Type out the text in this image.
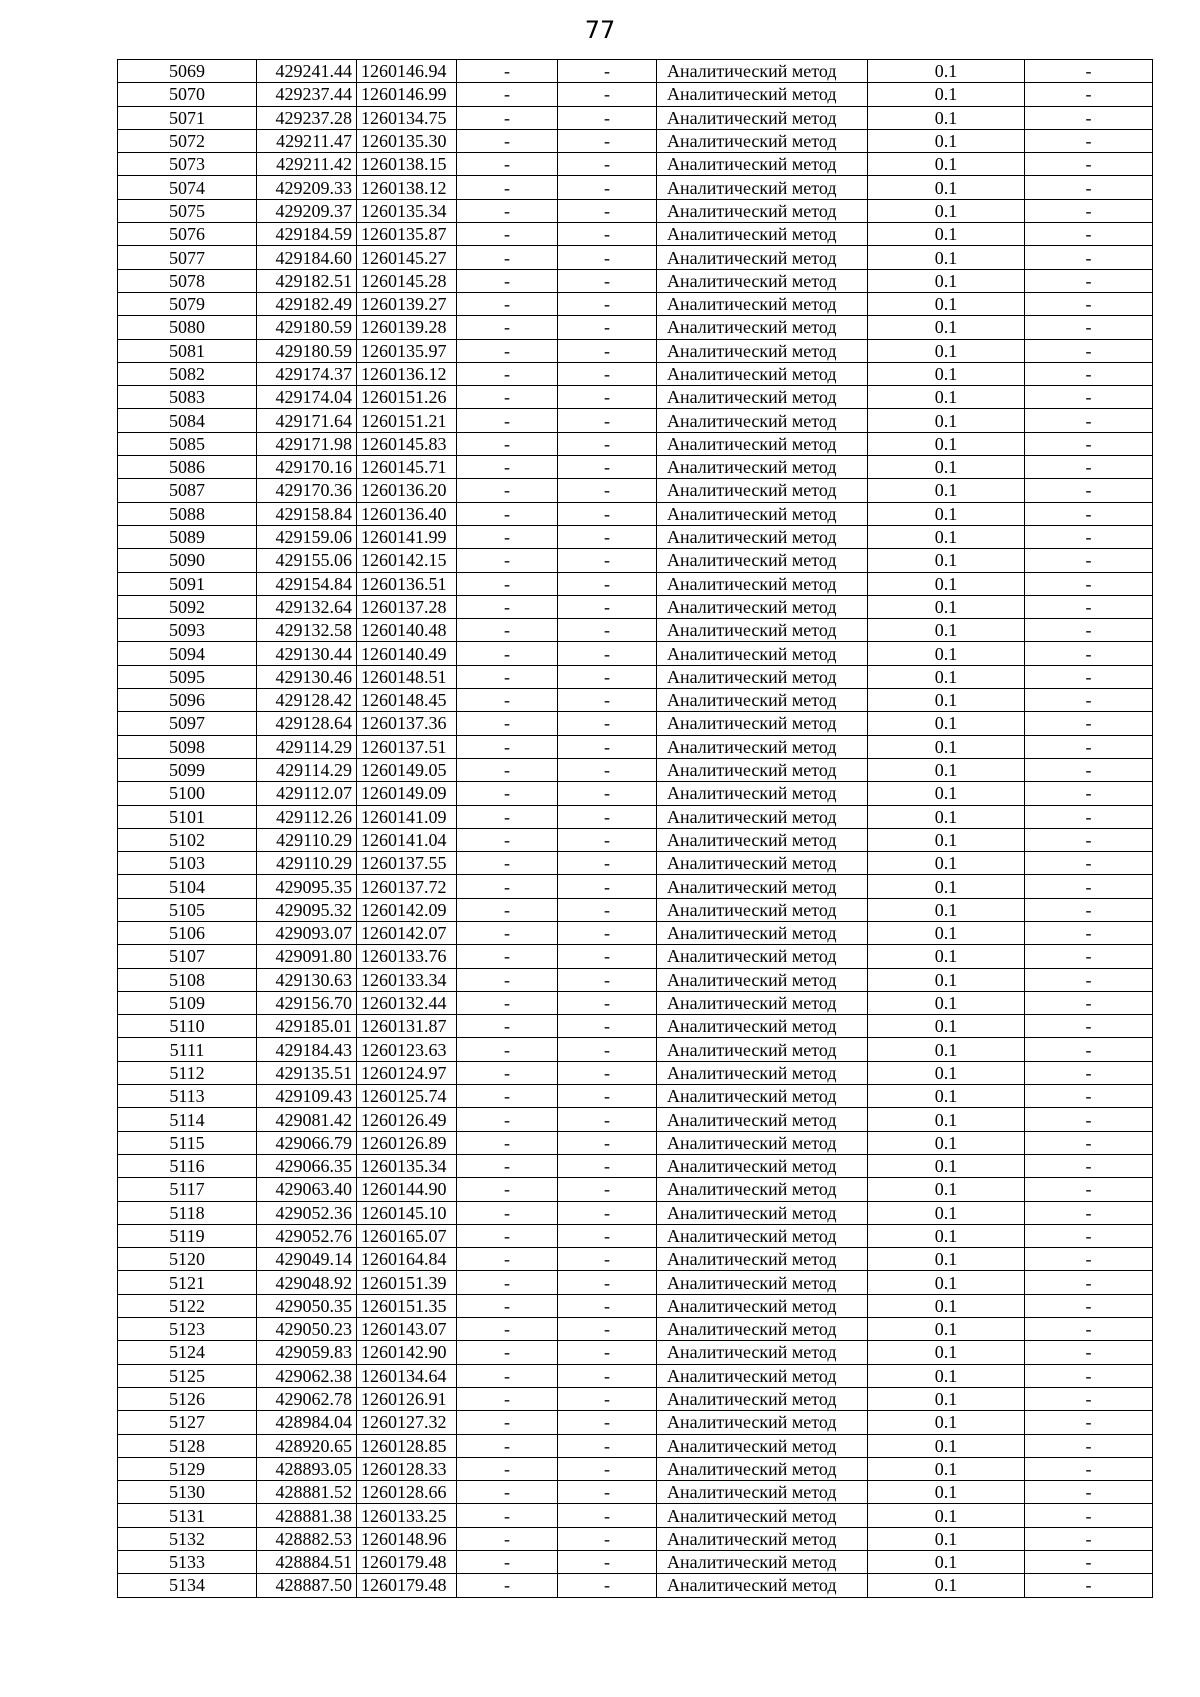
77
5069	429241.44	1260146.94	-	-	Аналитический метод	0.1	-
5070	429237.44	1260146.99	-	-	Аналитический метод	0.1	-
5071	429237.28	1260134.75	-	-	Аналитический метод	0.1	-
5072	429211.47	1260135.30	-	-	Аналитический метод	0.1	-
5073	429211.42	1260138.15	-	-	Аналитический метод	0.1	-
5074	429209.33	1260138.12	-	-	Аналитический метод	0.1	-
5075	429209.37	1260135.34	-	-	Аналитический метод	0.1	-
5076	429184.59	1260135.87	-	-	Аналитический метод	0.1	-
5077	429184.60	1260145.27	-	-	Аналитический метод	0.1	-
5078	429182.51	1260145.28	-	-	Аналитический метод	0.1	-
5079	429182.49	1260139.27	-	-	Аналитический метод	0.1	-
5080	429180.59	1260139.28	-	-	Аналитический метод	0.1	-
5081	429180.59	1260135.97	-	-	Аналитический метод	0.1	-
5082	429174.37	1260136.12	-	-	Аналитический метод	0.1	-
5083	429174.04	1260151.26	-	-	Аналитический метод	0.1	-
5084	429171.64	1260151.21	-	-	Аналитический метод	0.1	-
5085	429171.98	1260145.83	-	-	Аналитический метод	0.1	-
5086	429170.16	1260145.71	-	-	Аналитический метод	0.1	-
5087	429170.36	1260136.20	-	-	Аналитический метод	0.1	-
5088	429158.84	1260136.40	-	-	Аналитический метод	0.1	-
5089	429159.06	1260141.99	-	-	Аналитический метод	0.1	-
5090	429155.06	1260142.15	-	-	Аналитический метод	0.1	-
5091	429154.84	1260136.51	-	-	Аналитический метод	0.1	-
5092	429132.64	1260137.28	-	-	Аналитический метод	0.1	-
5093	429132.58	1260140.48	-	-	Аналитический метод	0.1	-
5094	429130.44	1260140.49	-	-	Аналитический метод	0.1	-
5095	429130.46	1260148.51	-	-	Аналитический метод	0.1	-
5096	429128.42	1260148.45	-	-	Аналитический метод	0.1	-
5097	429128.64	1260137.36	-	-	Аналитический метод	0.1	-
5098	429114.29	1260137.51	-	-	Аналитический метод	0.1	-
5099	429114.29	1260149.05	-	-	Аналитический метод	0.1	-
5100	429112.07	1260149.09	-	-	Аналитический метод	0.1	-
5101	429112.26	1260141.09	-	-	Аналитический метод	0.1	-
5102	429110.29	1260141.04	-	-	Аналитический метод	0.1	-
5103	429110.29	1260137.55	-	-	Аналитический метод	0.1	-
5104	429095.35	1260137.72	-	-	Аналитический метод	0.1	-
5105	429095.32	1260142.09	-	-	Аналитический метод	0.1	-
5106	429093.07	1260142.07	-	-	Аналитический метод	0.1	-
5107	429091.80	1260133.76	-	-	Аналитический метод	0.1	-
5108	429130.63	1260133.34	-	-	Аналитический метод	0.1	-
5109	429156.70	1260132.44	-	-	Аналитический метод	0.1	-
5110	429185.01	1260131.87	-	-	Аналитический метод	0.1	-
5111	429184.43	1260123.63	-	-	Аналитический метод	0.1	-
5112	429135.51	1260124.97	-	-	Аналитический метод	0.1	-
5113	429109.43	1260125.74	-	-	Аналитический метод	0.1	-
5114	429081.42	1260126.49	-	-	Аналитический метод	0.1	-
5115	429066.79	1260126.89	-	-	Аналитический метод	0.1	-
5116	429066.35	1260135.34	-	-	Аналитический метод	0.1	-
5117	429063.40	1260144.90	-	-	Аналитический метод	0.1	-
5118	429052.36	1260145.10	-	-	Аналитический метод	0.1	-
5119	429052.76	1260165.07	-	-	Аналитический метод	0.1	-
5120	429049.14	1260164.84	-	-	Аналитический метод	0.1	-
5121	429048.92	1260151.39	-	-	Аналитический метод	0.1	-
5122	429050.35	1260151.35	-	-	Аналитический метод	0.1	-
5123	429050.23	1260143.07	-	-	Аналитический метод	0.1	-
5124	429059.83	1260142.90	-	-	Аналитический метод	0.1	-
5125	429062.38	1260134.64	-	-	Аналитический метод	0.1	-
5126	429062.78	1260126.91	-	-	Аналитический метод	0.1	-
5127	428984.04	1260127.32	-	-	Аналитический метод	0.1	-
5128	428920.65	1260128.85	-	-	Аналитический метод	0.1	-
5129	428893.05	1260128.33	-	-	Аналитический метод	0.1	-
5130	428881.52	1260128.66	-	-	Аналитический метод	0.1	-
5131	428881.38	1260133.25	-	-	Аналитический метод	0.1	-
5132	428882.53	1260148.96	-	-	Аналитический метод	0.1	-
5133	428884.51	1260179.48	-	-	Аналитический метод	0.1	-
5134	428887.50	1260179.48	-	-	Аналитический метод	0.1	-
